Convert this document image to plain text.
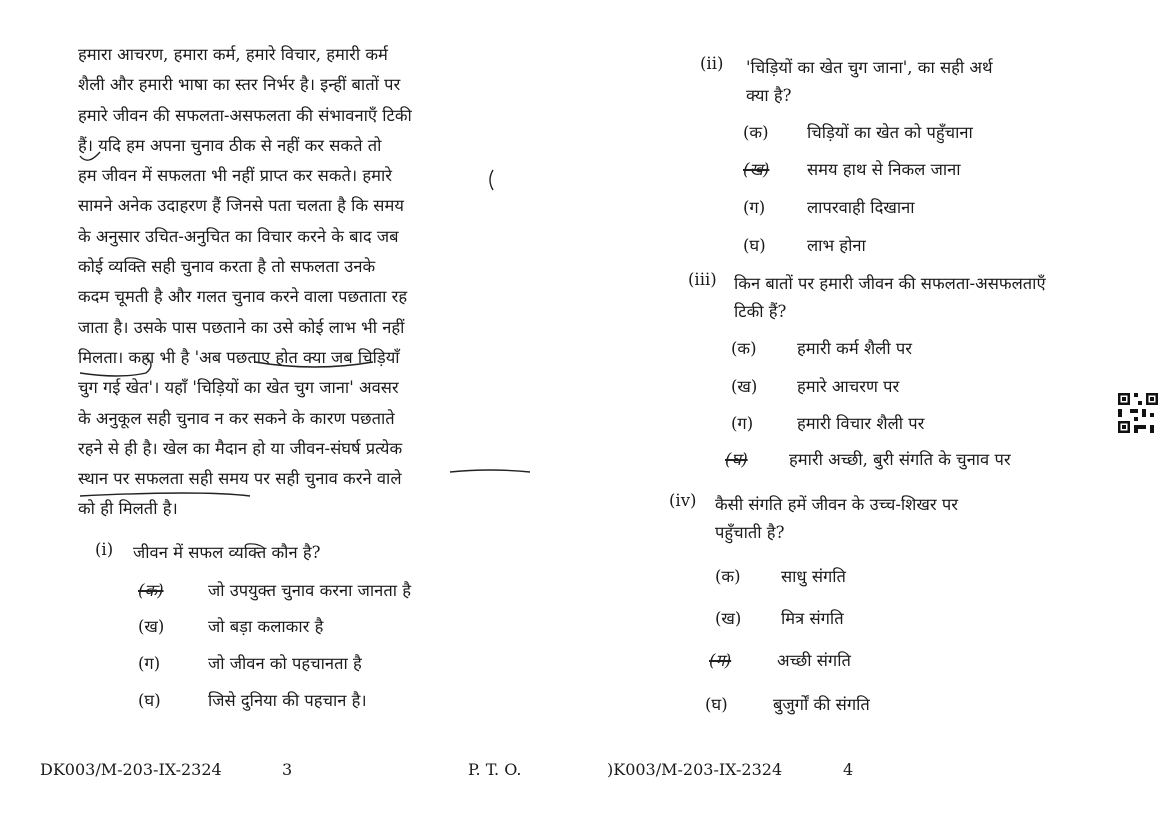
हमारा आचरण, हमारा कर्म, हमारे विचार, हमारी कर्म
शैली और हमारी भाषा का स्तर निर्भर है। इन्हीं बातों पर
हमारे जीवन की सफलता-असफलता की संभावनाएँ टिकी
हैं। यदि हम अपना चुनाव ठीक से नहीं कर सकते तो
हम जीवन में सफलता भी नहीं प्राप्त कर सकते। हमारे
सामने अनेक उदाहरण हैं जिनसे पता चलता है कि समय
के अनुसार उचित-अनुचित का विचार करने के बाद जब
कोई व्यक्ति सही चुनाव करता है तो सफलता उनके
कदम चूमती है और गलत चुनाव करने वाला पछताता रह
जाता है। उसके पास पछताने का उसे कोई लाभ भी नहीं
मिलता। कहा भी है 'अब पछताए होत क्या जब चिड़ियाँ
चुग गई खेत'। यहाँ 'चिड़ियों का खेत चुग जाना' अवसर
के अनुकूल सही चुनाव न कर सकने के कारण पछताते
रहने से ही है। खेल का मैदान हो या जीवन-संघर्ष प्रत्येक
स्थान पर सफलता सही समय पर सही चुनाव करने वाले
को ही मिलती है।

(i) जीवन में सफल व्यक्ति कौन है?
(क)	जो उपयुक्त चुनाव करना जानता है
(ख)	जो बड़ा कलाकार है
(ग)	जो जीवन को पहचानता है
(घ)	जिसे दुनिया की पहचान है।
DK003/M-203-IX-2324	3	P. T. O.
(ii) 'चिड़ियों का खेत चुग जाना', का सही अर्थ
क्या है?
(क) चिड़ियों का खेत को पहुँचाना
(ख) समय हाथ से निकल जाना
(ग)	लापरवाही दिखाना
(घ)	लाभ होना
(iii) किन बातों पर हमारी जीवन की सफलता-असफलताएँ
टिकी हैं?
(क) हमारी कर्म शैली पर
(ख) हमारे आचरण पर
(ग)	हमारी विचार शैली पर
(घ)	हमारी अच्छी, बुरी संगति के चुनाव पर
(iv) कैसी संगति हमें जीवन के उच्च-शिखर पर
पहुँचाती है?
(क) साधु संगति
(ख) मित्र संगति
(ग)	अच्छी संगति
(घ)	बुजुर्गों की संगति
)K003/M-203-IX-2324	4
